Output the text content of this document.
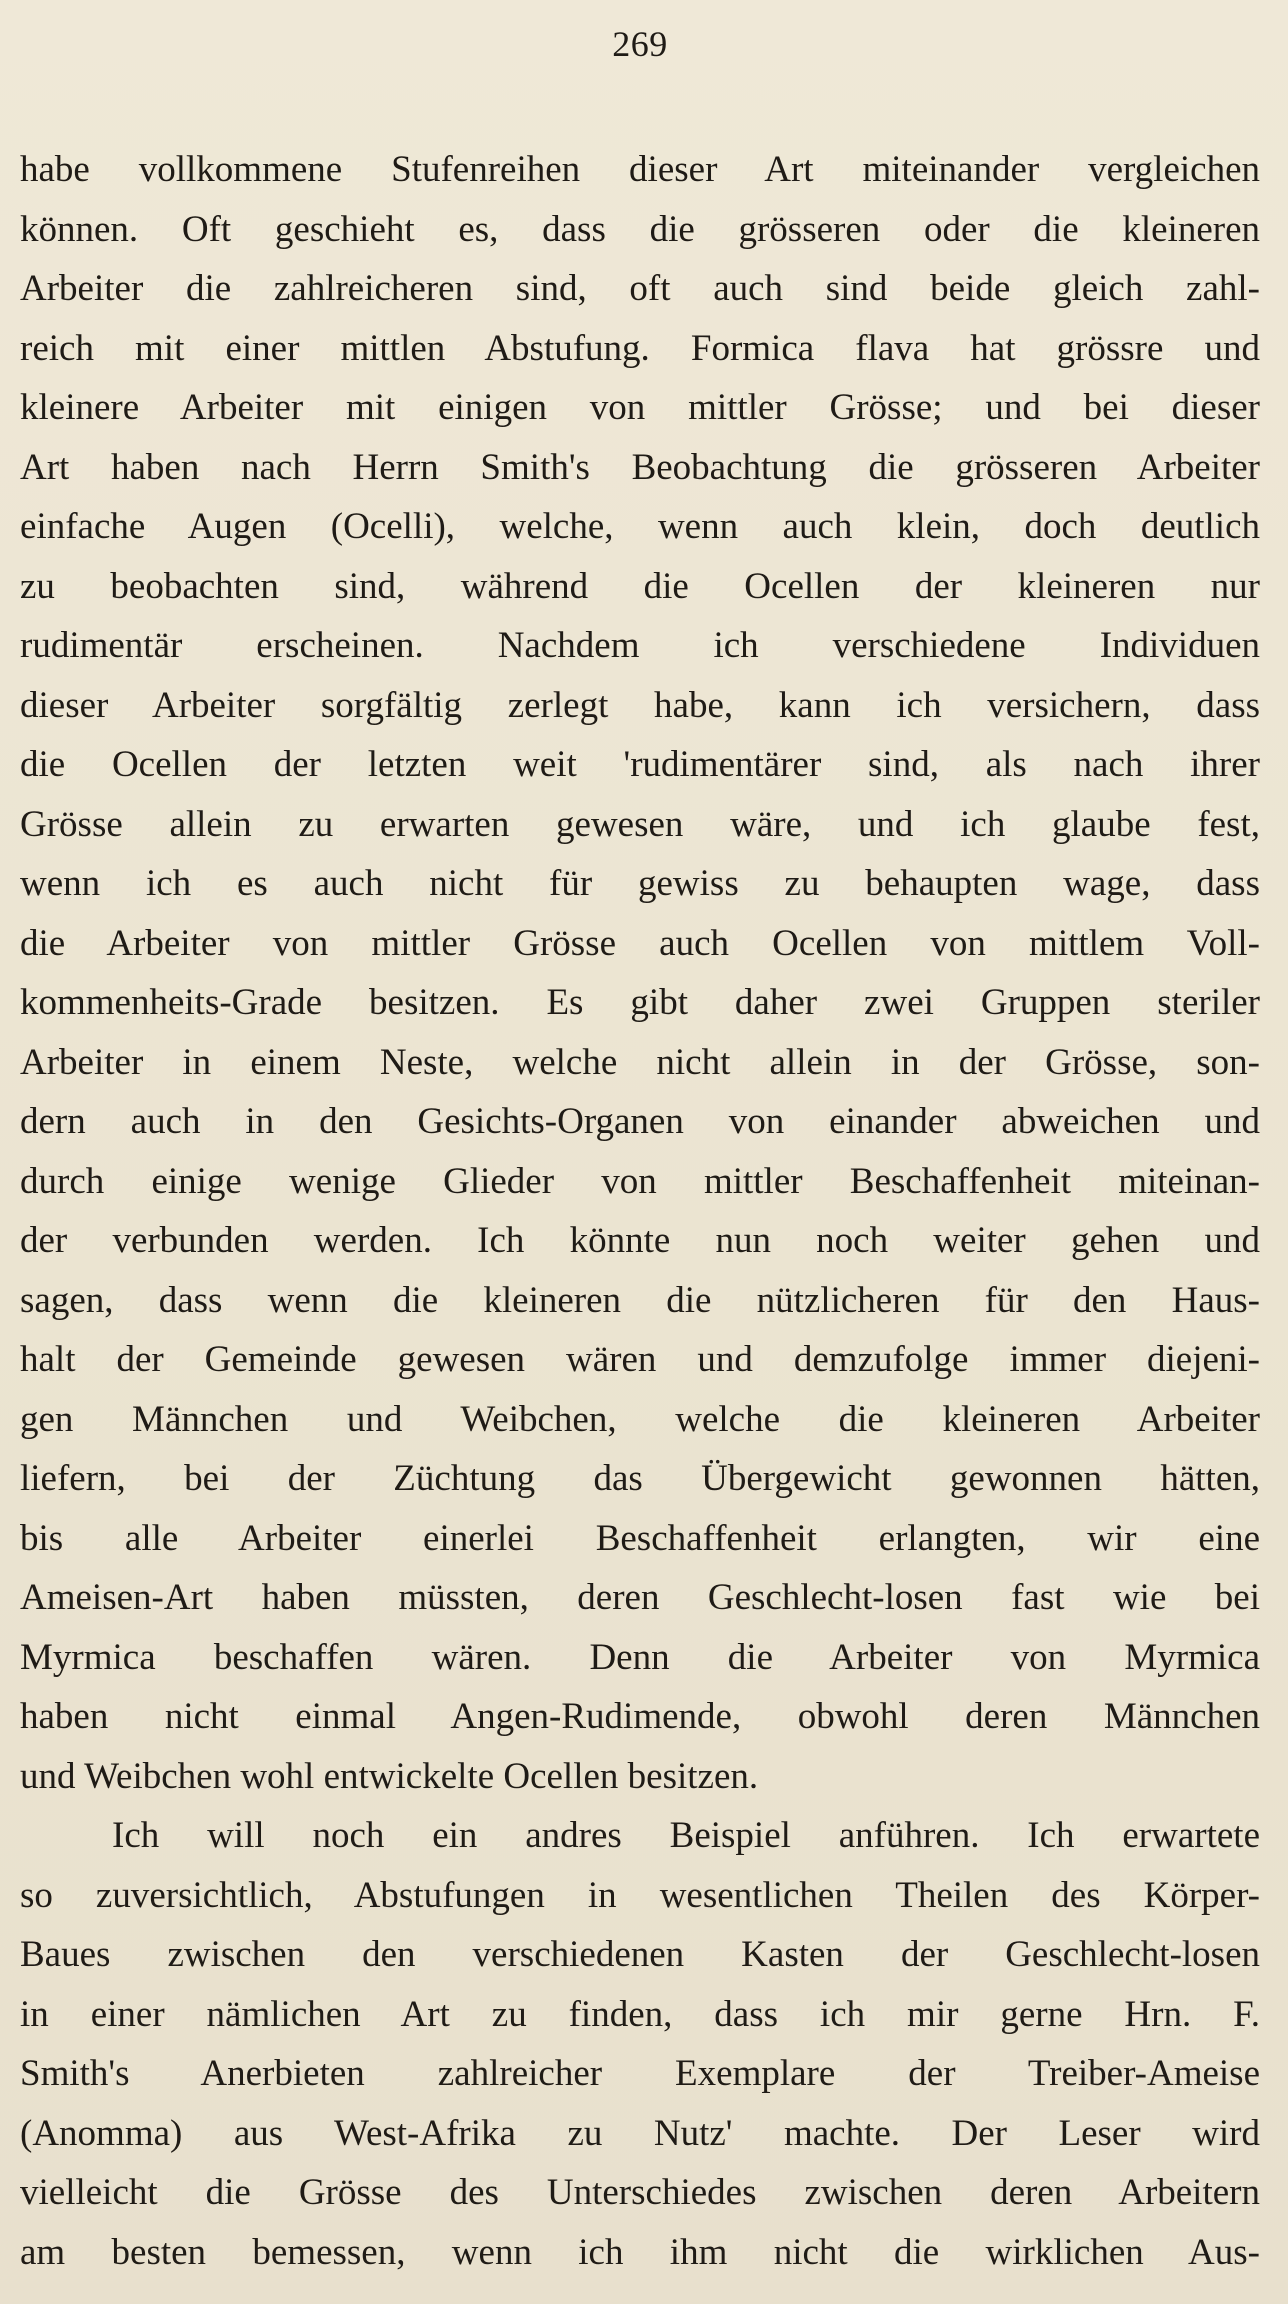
269
habe vollkommene Stufenreihen dieser Art miteinander vergleichen
können. Oft geschieht es, dass die grösseren oder die kleineren
Arbeiter die zahlreicheren sind, oft auch sind beide gleich zahl-
reich mit einer mittlen Abstufung. Formica flava hat grössre und
kleinere Arbeiter mit einigen von mittler Grösse; und bei dieser
Art haben nach Herrn Smith's Beobachtung die grösseren Arbeiter
einfache Augen (Ocelli), welche, wenn auch klein, doch deutlich
zu beobachten sind, während die Ocellen der kleineren nur
rudimentär erscheinen. Nachdem ich verschiedene Individuen
dieser Arbeiter sorgfältig zerlegt habe, kann ich versichern, dass
die Ocellen der letzten weit 'rudimentärer sind, als nach ihrer
Grösse allein zu erwarten gewesen wäre, und ich glaube fest,
wenn ich es auch nicht für gewiss zu behaupten wage, dass
die Arbeiter von mittler Grösse auch Ocellen von mittlem Voll-
kommenheits-Grade besitzen. Es gibt daher zwei Gruppen steriler
Arbeiter in einem Neste, welche nicht allein in der Grösse, son-
dern auch in den Gesichts-Organen von einander abweichen und
durch einige wenige Glieder von mittler Beschaffenheit miteinan-
der verbunden werden. Ich könnte nun noch weiter gehen und
sagen, dass wenn die kleineren die nützlicheren für den Haus-
halt der Gemeinde gewesen wären und demzufolge immer diejeni-
gen Männchen und Weibchen, welche die kleineren Arbeiter
liefern, bei der Züchtung das Übergewicht gewonnen hätten,
bis alle Arbeiter einerlei Beschaffenheit erlangten, wir eine
Ameisen-Art haben müssten, deren Geschlecht-losen fast wie bei
Myrmica beschaffen wären. Denn die Arbeiter von Myrmica
haben nicht einmal Angen-Rudimende, obwohl deren Männchen
und Weibchen wohl entwickelte Ocellen besitzen.
Ich will noch ein andres Beispiel anführen. Ich erwartete
so zuversichtlich, Abstufungen in wesentlichen Theilen des Körper-
Baues zwischen den verschiedenen Kasten der Geschlecht-losen
in einer nämlichen Art zu finden, dass ich mir gerne Hrn. F.
Smith's Anerbieten zahlreicher Exemplare der Treiber-Ameise
(Anomma) aus West-Afrika zu Nutz' machte. Der Leser wird
vielleicht die Grösse des Unterschiedes zwischen deren Arbeitern
am besten bemessen, wenn ich ihm nicht die wirklichen Aus-
